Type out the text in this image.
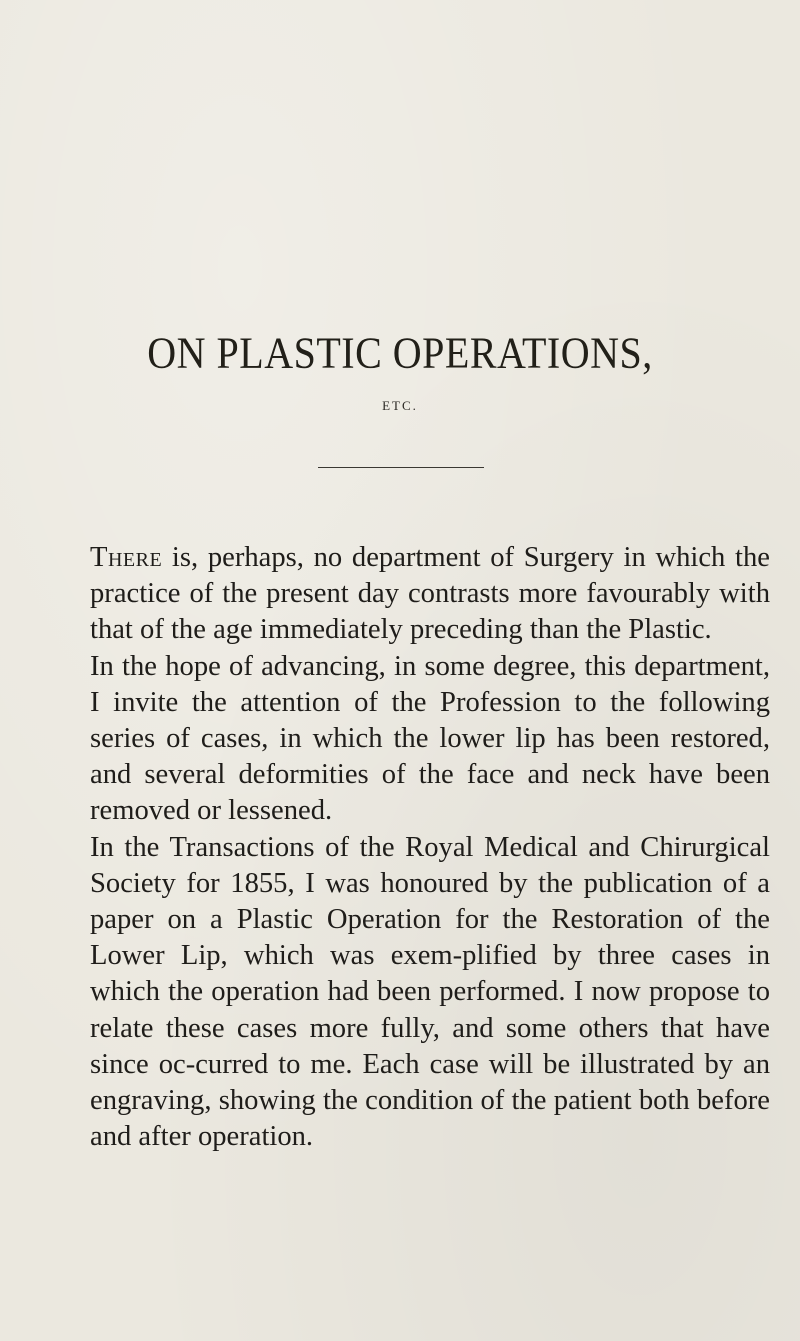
ON PLASTIC OPERATIONS,
ETC.

There is, perhaps, no department of Surgery in which the practice of the present day contrasts more favourably with that of the age immediately preceding than the Plastic.

In the hope of advancing, in some degree, this department, I invite the attention of the Profession to the following series of cases, in which the lower lip has been restored, and several deformities of the face and neck have been removed or lessened.

In the Transactions of the Royal Medical and Chirurgical Society for 1855, I was honoured by the publication of a paper on a Plastic Operation for the Restoration of the Lower Lip, which was exem-plified by three cases in which the operation had been performed. I now propose to relate these cases more fully, and some others that have since oc-curred to me. Each case will be illustrated by an engraving, showing the condition of the patient both before and after operation.
